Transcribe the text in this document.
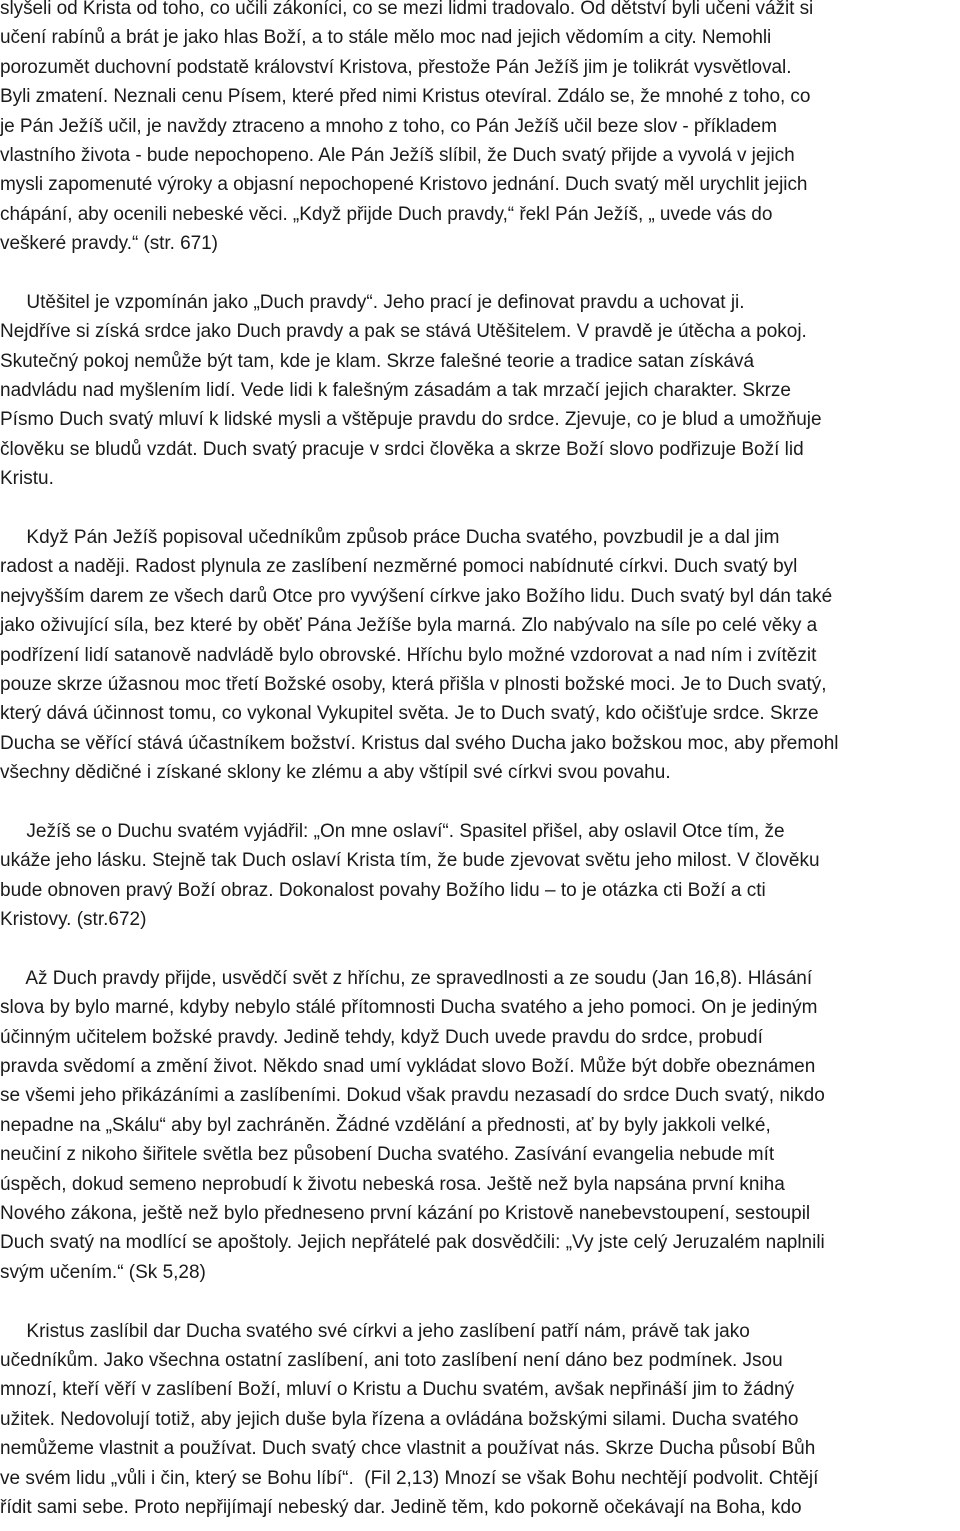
slyšeli od Krista od toho, co učili zákoníci, co se mezi lidmi tradovalo. Od dětství byli učeni vážit si
učení rabínů a brát je jako hlas Boží, a to stále mělo moc nad jejich vědomím a city. Nemohli
porozumět duchovní podstatě království Kristova, přestože Pán Ježíš jim je tolikrát vysvětloval.
Byli zmatení. Neznali cenu Písem, které před nimi Kristus otevíral. Zdálo se, že mnohé z toho, co
je Pán Ježíš učil, je navždy ztraceno a mnoho z toho, co Pán Ježíš učil beze slov - příkladem
vlastního života - bude nepochopeno. Ale Pán Ježíš slíbil, že Duch svatý přijde a vyvolá v jejich
mysli zapomenuté výroky a objasní nepochopené Kristovo jednání. Duch svatý měl urychlit jejich
chápání, aby ocenili nebeské věci. „Když přijde Duch pravdy,“ řekl Pán Ježíš, „ uvede vás do
veškeré pravdy.“ (str. 671)
Utěšitel je vzpomínán jako „Duch pravdy“. Jeho prací je definovat pravdu a uchovat ji.
Nejdříve si získá srdce jako Duch pravdy a pak se stává Utěšitelem. V pravdě je útěcha a pokoj.
Skutečný pokoj nemůže být tam, kde je klam. Skrze falešné teorie a tradice satan získává
nadvládu nad myšlením lidí. Vede lidi k falešným zásadám a tak mrzačí jejich charakter. Skrze
Písmo Duch svatý mluví k lidské mysli a vštěpuje pravdu do srdce. Zjevuje, co je blud a umožňuje
člověku se bludů vzdát. Duch svatý pracuje v srdci člověka a skrze Boží slovo podřizuje Boží lid
Kristu.
Když Pán Ježíš popisoval učedníkům způsob práce Ducha svatého, povzbudil je a dal jim
radost a naději. Radost plynula ze zaslíbení nezměrné pomoci nabídnuté církvi. Duch svatý byl
nejvyšším darem ze všech darů Otce pro vyvýšení církve jako Božího lidu. Duch svatý byl dán také
jako oživující síla, bez které by oběť Pána Ježíše byla marná. Zlo nabývalo na síle po celé věky a
podřízení lidí satanově nadvládě bylo obrovské. Hříchu bylo možné vzdorovat a nad ním i zvítězit
pouze skrze úžasnou moc třetí Božské osoby, která přišla v plnosti božské moci. Je to Duch svatý,
který dává účinnost tomu, co vykonal Vykupitel světa. Je to Duch svatý, kdo očišťuje srdce. Skrze
Ducha se věřící stává účastníkem božství. Kristus dal svého Ducha jako božskou moc, aby přemohl
všechny dědičné i získané sklony ke zlému a aby vštípil své církvi svou povahu.
Ježíš se o Duchu svatém vyjádřil: „On mne oslaví“. Spasitel přišel, aby oslavil Otce tím, že
ukáže jeho lásku. Stejně tak Duch oslaví Krista tím, že bude zjevovat světu jeho milost. V člověku
bude obnoven pravý Boží obraz. Dokonalost povahy Božího lidu – to je otázka cti Boží a cti
Kristovy. (str.672)
Až Duch pravdy přijde, usvědčí svět z hříchu, ze spravedlnosti a ze soudu (Jan 16,8). Hlásání
slova by bylo marné, kdyby nebylo stálé přítomnosti Ducha svatého a jeho pomoci. On je jediným
účinným učitelem božské pravdy. Jedině tehdy, když Duch uvede pravdu do srdce, probudí
pravda svědomí a změní život. Někdo snad umí vykládat slovo Boží. Může být dobře obeznámen
se všemi jeho přikázáními a zaslíbeními. Dokud však pravdu nezasadí do srdce Duch svatý, nikdo
nepadne na „Skálu“ aby byl zachráněn. Žádné vzdělání a přednosti, ať by byly jakkoli velké,
neučiní z nikoho šiřitele světla bez působení Ducha svatého. Zasívání evangelia nebude mít
úspěch, dokud semeno neprobudí k životu nebeská rosa. Ještě než byla napsána první kniha
Nového zákona, ještě než bylo předneseno první kázání po Kristově nanebevstoupení, sestoupil
Duch svatý na modlící se apoštoly. Jejich nepřátelé pak dosvědčili: „Vy jste celý Jeruzalém naplnili
svým učením.“ (Sk 5,28)
Kristus zaslíbil dar Ducha svatého své církvi a jeho zaslíbení patří nám, právě tak jako
učedníkům. Jako všechna ostatní zaslíbení, ani toto zaslíbení není dáno bez podmínek. Jsou
mnozí, kteří věří v zaslíbení Boží, mluví o Kristu a Duchu svatém, avšak nepřináší jim to žádný
užitek. Nedovolují totiž, aby jejich duše byla řízena a ovládána božskými silami. Ducha svatého
nemůžeme vlastnit a používat. Duch svatý chce vlastnit a používat nás. Skrze Ducha působí Bůh
ve svém lidu „vůli i čin, který se Bohu líbí“.  (Fil 2,13) Mnozí se však Bohu nechtějí podvolit. Chtějí
řídit sami sebe. Proto nepřijímají nebeský dar. Jedině těm, kdo pokorně očekávají na Boha, kdo
